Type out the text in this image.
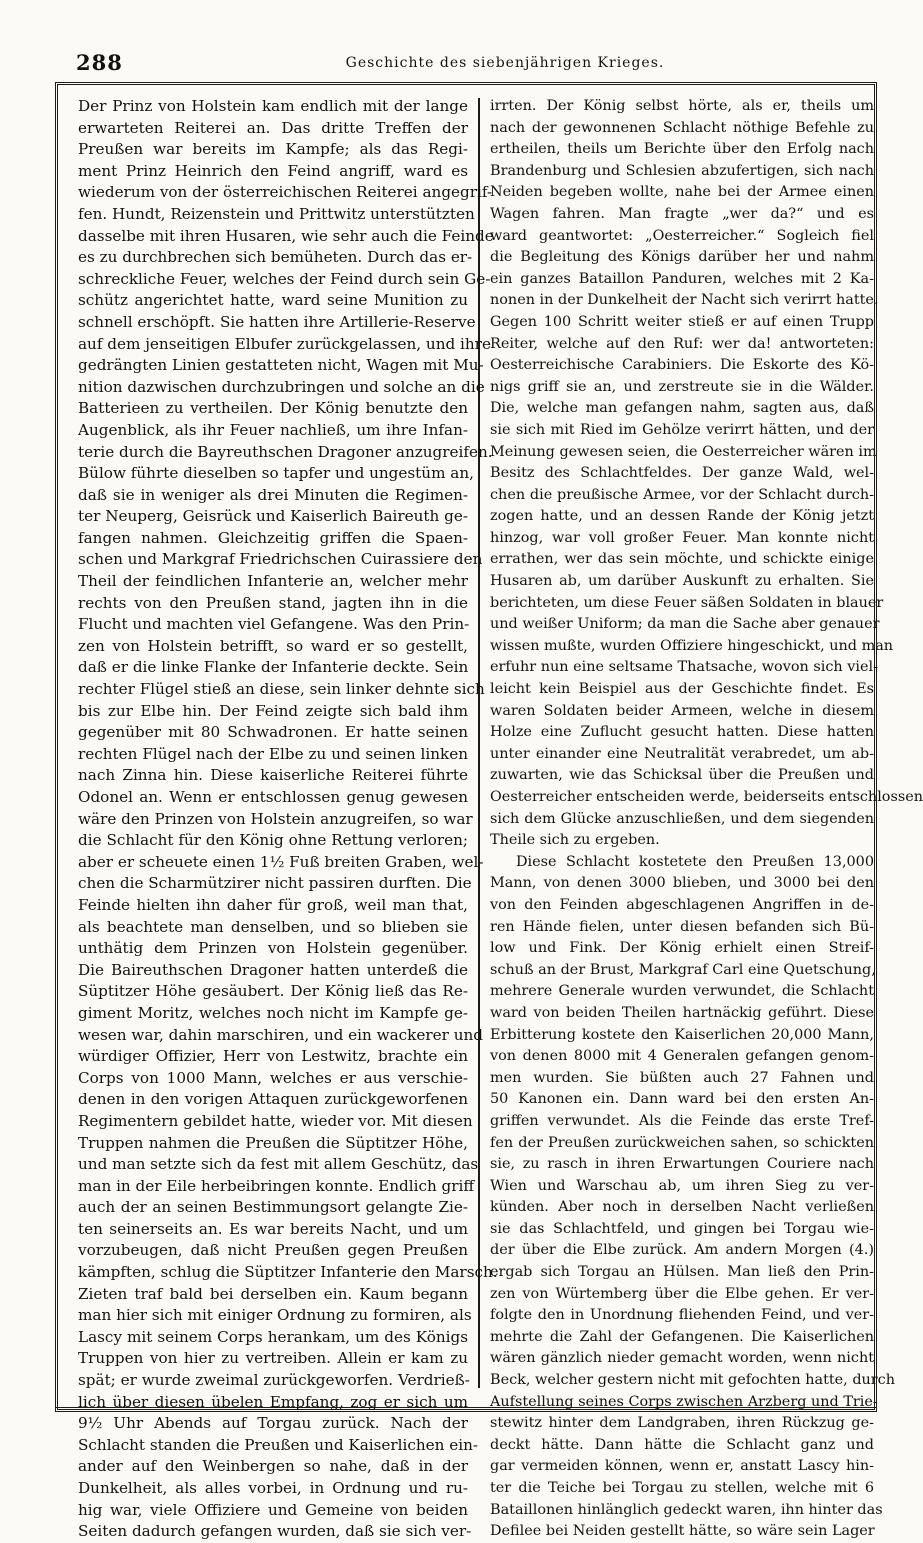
288	Geschichte des siebenjährigen Krieges.
Der Prinz von Holstein kam endlich mit der lange
erwarteten Reiterei an. Das dritte Treffen der
Preußen war bereits im Kampfe; als das Regi-
ment Prinz Heinrich den Feind angriff, ward es
wiederum von der österreichischen Reiterei angegrif-
fen. Hundt, Reizenstein und Prittwitz unterstützten
dasselbe mit ihren Husaren, wie sehr auch die Feinde
es zu durchbrechen sich bemüheten. Durch das er-
schreckliche Feuer, welches der Feind durch sein Ge-
schütz angerichtet hatte, ward seine Munition zu
schnell erschöpft. Sie hatten ihre Artillerie-Reserve
auf dem jenseitigen Elbufer zurückgelassen, und ihre
gedrängten Linien gestatteten nicht, Wagen mit Mu-
nition dazwischen durchzubringen und solche an die
Batterieen zu vertheilen. Der König benutzte den
Augenblick, als ihr Feuer nachließ, um ihre Infan-
terie durch die Bayreuthschen Dragoner anzugreifen.
Bülow führte dieselben so tapfer und ungestüm an,
daß sie in weniger als drei Minuten die Regimen-
ter Neuperg, Geisrück und Kaiserlich Baireuth ge-
fangen nahmen. Gleichzeitig griffen die Spaen-
schen und Markgraf Friedrichschen Cuirassiere den
Theil der feindlichen Infanterie an, welcher mehr
rechts von den Preußen stand, jagten ihn in die
Flucht und machten viel Gefangene. Was den Prin-
zen von Holstein betrifft, so ward er so gestellt,
daß er die linke Flanke der Infanterie deckte. Sein
rechter Flügel stieß an diese, sein linker dehnte sich
bis zur Elbe hin. Der Feind zeigte sich bald ihm
gegenüber mit 80 Schwadronen. Er hatte seinen
rechten Flügel nach der Elbe zu und seinen linken
nach Zinna hin. Diese kaiserliche Reiterei führte
Odonel an. Wenn er entschlossen genug gewesen
wäre den Prinzen von Holstein anzugreifen, so war
die Schlacht für den König ohne Rettung verloren;
aber er scheuete einen 1½ Fuß breiten Graben, wel-
chen die Scharmützirer nicht passiren durften. Die
Feinde hielten ihn daher für groß, weil man that,
als beachtete man denselben, und so blieben sie
unthätig dem Prinzen von Holstein gegenüber.
Die Baireuthschen Dragoner hatten unterdeß die
Süptitzer Höhe gesäubert. Der König ließ das Re-
giment Moritz, welches noch nicht im Kampfe ge-
wesen war, dahin marschiren, und ein wackerer und
würdiger Offizier, Herr von Lestwitz, brachte ein
Corps von 1000 Mann, welches er aus verschie-
denen in den vorigen Attaquen zurückgeworfenen
Regimentern gebildet hatte, wieder vor. Mit diesen
Truppen nahmen die Preußen die Süptitzer Höhe,
und man setzte sich da fest mit allem Geschütz, das
man in der Eile herbeibringen konnte. Endlich griff
auch der an seinen Bestimmungsort gelangte Zie-
ten seinerseits an. Es war bereits Nacht, und um
vorzubeugen, daß nicht Preußen gegen Preußen
kämpften, schlug die Süptitzer Infanterie den Marsch.
Zieten traf bald bei derselben ein. Kaum begann
man hier sich mit einiger Ordnung zu formiren, als
Lascy mit seinem Corps herankam, um des Königs
Truppen von hier zu vertreiben. Allein er kam zu
spät; er wurde zweimal zurückgeworfen. Verdrieß-
lich über diesen übelen Empfang, zog er sich um
9½ Uhr Abends auf Torgau zurück. Nach der
Schlacht standen die Preußen und Kaiserlichen ein-
ander auf den Weinbergen so nahe, daß in der
Dunkelheit, als alles vorbei, in Ordnung und ru-
hig war, viele Offiziere und Gemeine von beiden
Seiten dadurch gefangen wurden, daß sie sich ver-
irrten. Der König selbst hörte, als er, theils um
nach der gewonnenen Schlacht nöthige Befehle zu
ertheilen, theils um Berichte über den Erfolg nach
Brandenburg und Schlesien abzufertigen, sich nach
Neiden begeben wollte, nahe bei der Armee einen
Wagen fahren. Man fragte „wer da?“ und es
ward geantwortet: „Oesterreicher.“ Sogleich fiel
die Begleitung des Königs darüber her und nahm
ein ganzes Bataillon Panduren, welches mit 2 Ka-
nonen in der Dunkelheit der Nacht sich verirrt hatte.
Gegen 100 Schritt weiter stieß er auf einen Trupp
Reiter, welche auf den Ruf: wer da! antworteten:
Oesterreichische Carabiniers. Die Eskorte des Kö-
nigs griff sie an, und zerstreute sie in die Wälder.
Die, welche man gefangen nahm, sagten aus, daß
sie sich mit Ried im Gehölze verirrt hätten, und der
Meinung gewesen seien, die Oesterreicher wären im
Besitz des Schlachtfeldes. Der ganze Wald, wel-
chen die preußische Armee, vor der Schlacht durch-
zogen hatte, und an dessen Rande der König jetzt
hinzog, war voll großer Feuer. Man konnte nicht
errathen, wer das sein möchte, und schickte einige
Husaren ab, um darüber Auskunft zu erhalten. Sie
berichteten, um diese Feuer säßen Soldaten in blauer
und weißer Uniform; da man die Sache aber genauer
wissen mußte, wurden Offiziere hingeschickt, und man
erfuhr nun eine seltsame Thatsache, wovon sich viel-
leicht kein Beispiel aus der Geschichte findet. Es
waren Soldaten beider Armeen, welche in diesem
Holze eine Zuflucht gesucht hatten. Diese hatten
unter einander eine Neutralität verabredet, um ab-
zuwarten, wie das Schicksal über die Preußen und
Oesterreicher entscheiden werde, beiderseits entschlossen
sich dem Glücke anzuschließen, und dem siegenden
Theile sich zu ergeben.
Diese Schlacht kostetete den Preußen 13,000
Mann, von denen 3000 blieben, und 3000 bei den
von den Feinden abgeschlagenen Angriffen in de-
ren Hände fielen, unter diesen befanden sich Bü-
low und Fink. Der König erhielt einen Streif-
schuß an der Brust, Markgraf Carl eine Quetschung,
mehrere Generale wurden verwundet, die Schlacht
ward von beiden Theilen hartnäckig geführt. Diese
Erbitterung kostete den Kaiserlichen 20,000 Mann,
von denen 8000 mit 4 Generalen gefangen genom-
men wurden. Sie büßten auch 27 Fahnen und
50 Kanonen ein. Dann ward bei den ersten An-
griffen verwundet. Als die Feinde das erste Tref-
fen der Preußen zurückweichen sahen, so schickten
sie, zu rasch in ihren Erwartungen Couriere nach
Wien und Warschau ab, um ihren Sieg zu ver-
künden. Aber noch in derselben Nacht verließen
sie das Schlachtfeld, und gingen bei Torgau wie-
der über die Elbe zurück. Am andern Morgen (4.)
ergab sich Torgau an Hülsen. Man ließ den Prin-
zen von Würtemberg über die Elbe gehen. Er ver-
folgte den in Unordnung fliehenden Feind, und ver-
mehrte die Zahl der Gefangenen. Die Kaiserlichen
wären gänzlich nieder gemacht worden, wenn nicht
Beck, welcher gestern nicht mit gefochten hatte, durch
Aufstellung seines Corps zwischen Arzberg und Trie-
stewitz hinter dem Landgraben, ihren Rückzug ge-
deckt hätte. Dann hätte die Schlacht ganz und
gar vermeiden können, wenn er, anstatt Lascy hin-
ter die Teiche bei Torgau zu stellen, welche mit 6
Bataillonen hinlänglich gedeckt waren, ihn hinter das
Defilee bei Neiden gestellt hätte, so wäre sein Lager
